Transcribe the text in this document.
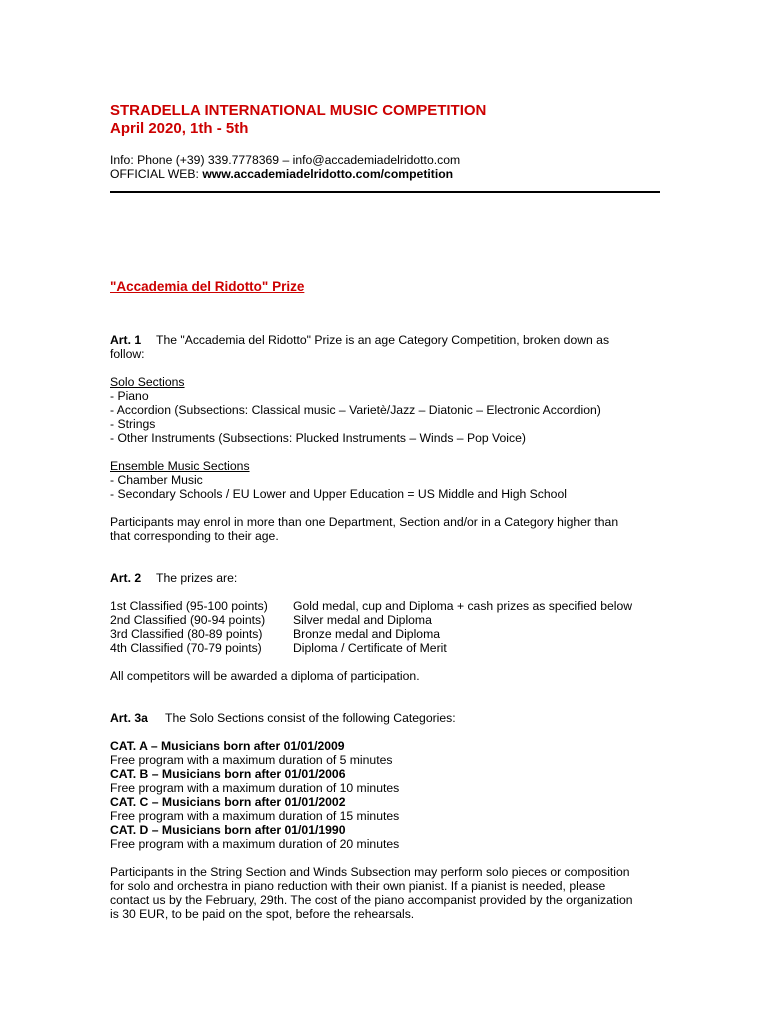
STRADELLA INTERNATIONAL MUSIC COMPETITION

April 2020, 1th - 5th

Info: Phone (+39) 339.7778369 – info@accademiadelridotto.com

OFFICIAL WEB: www.accademiadelridotto.com/competition

"Accademia del Ridotto" Prize

Art. 1 The "Accademia del Ridotto" Prize is an age Category Competition, broken down as

follow:

Solo Sections

- Piano

- Accordion (Subsections: Classical music – Varietè/Jazz – Diatonic – Electronic Accordion)

- Strings

- Other Instruments (Subsections: Plucked Instruments – Winds – Pop Voice)

Ensemble Music Sections

- Chamber Music

- Secondary Schools / EU Lower and Upper Education = US Middle and High School

Participants may enrol in more than one Department, Section and/or in a Category higher than

that corresponding to their age.

Art. 2 The prizes are:

1st Classified (95-100 points)	Gold medal, cup and Diploma + cash prizes as specified below
2nd Classified (90-94 points)	Silver medal and Diploma
3rd Classified (80-89 points)	Bronze medal and Diploma
4th Classified (70-79 points)	Diploma / Certificate of Merit

All competitors will be awarded a diploma of participation.

Art. 3a The Solo Sections consist of the following Categories:

CAT. A – Musicians born after 01/01/2009

Free program with a maximum duration of 5 minutes

CAT. B – Musicians born after 01/01/2006

Free program with a maximum duration of 10 minutes

CAT. C – Musicians born after 01/01/2002

Free program with a maximum duration of 15 minutes

CAT. D – Musicians born after 01/01/1990

Free program with a maximum duration of 20 minutes

Participants in the String Section and Winds Subsection may perform solo pieces or composition

for solo and orchestra in piano reduction with their own pianist. If a pianist is needed, please

contact us by the February, 29th. The cost of the piano accompanist provided by the organization

is 30 EUR, to be paid on the spot, before the rehearsals.
